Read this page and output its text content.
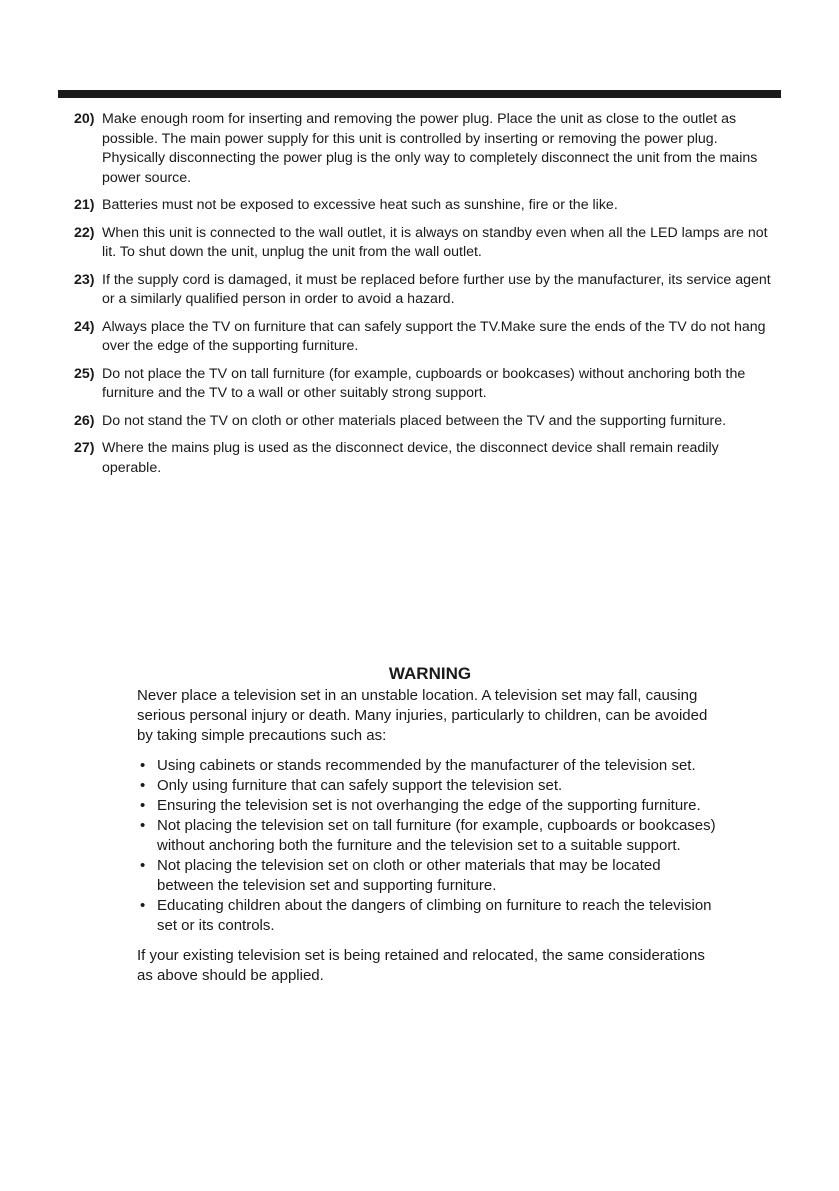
20) Make enough room for inserting and removing the power plug. Place the unit as close to the outlet as possible. The main power supply for this unit is controlled by inserting or removing the power plug. Physically disconnecting the power plug is the only way to completely disconnect the unit from the mains power source.
21) Batteries must not be exposed to excessive heat such as sunshine, fire or the like.
22) When this unit is connected to the wall outlet, it is always on standby even when all the LED lamps are not lit. To shut down the unit, unplug the unit from the wall outlet.
23) If the supply cord is damaged, it must be replaced before further use by the manufacturer, its service agent or a similarly qualified person in order to avoid a hazard.
24) Always place the TV on furniture that can safely support the TV.Make sure the ends of the TV do not hang over the edge of the supporting furniture.
25) Do not place the TV on tall furniture (for example, cupboards or bookcases) without anchoring both the furniture and the TV to a wall or other suitably strong support.
26) Do not stand the TV on cloth or other materials placed between the TV and the supporting furniture.
27) Where the mains plug is used as the disconnect device, the disconnect device shall remain readily operable.
WARNING

Never place a television set in an unstable location. A television set may fall, causing serious personal injury or death. Many injuries, particularly to children, can be avoided by taking simple precautions such as:

• Using cabinets or stands recommended by the manufacturer of the television set.
• Only using furniture that can safely support the television set.
• Ensuring the television set is not overhanging the edge of the supporting furniture.
• Not placing the television set on tall furniture (for example, cupboards or bookcases) without anchoring both the furniture and the television set to a suitable support.
• Not placing the television set on cloth or other materials that may be located between the television set and supporting furniture.
• Educating children about the dangers of climbing on furniture to reach the television set or its controls.

If your existing television set is being retained and relocated, the same considerations as above should be applied.
